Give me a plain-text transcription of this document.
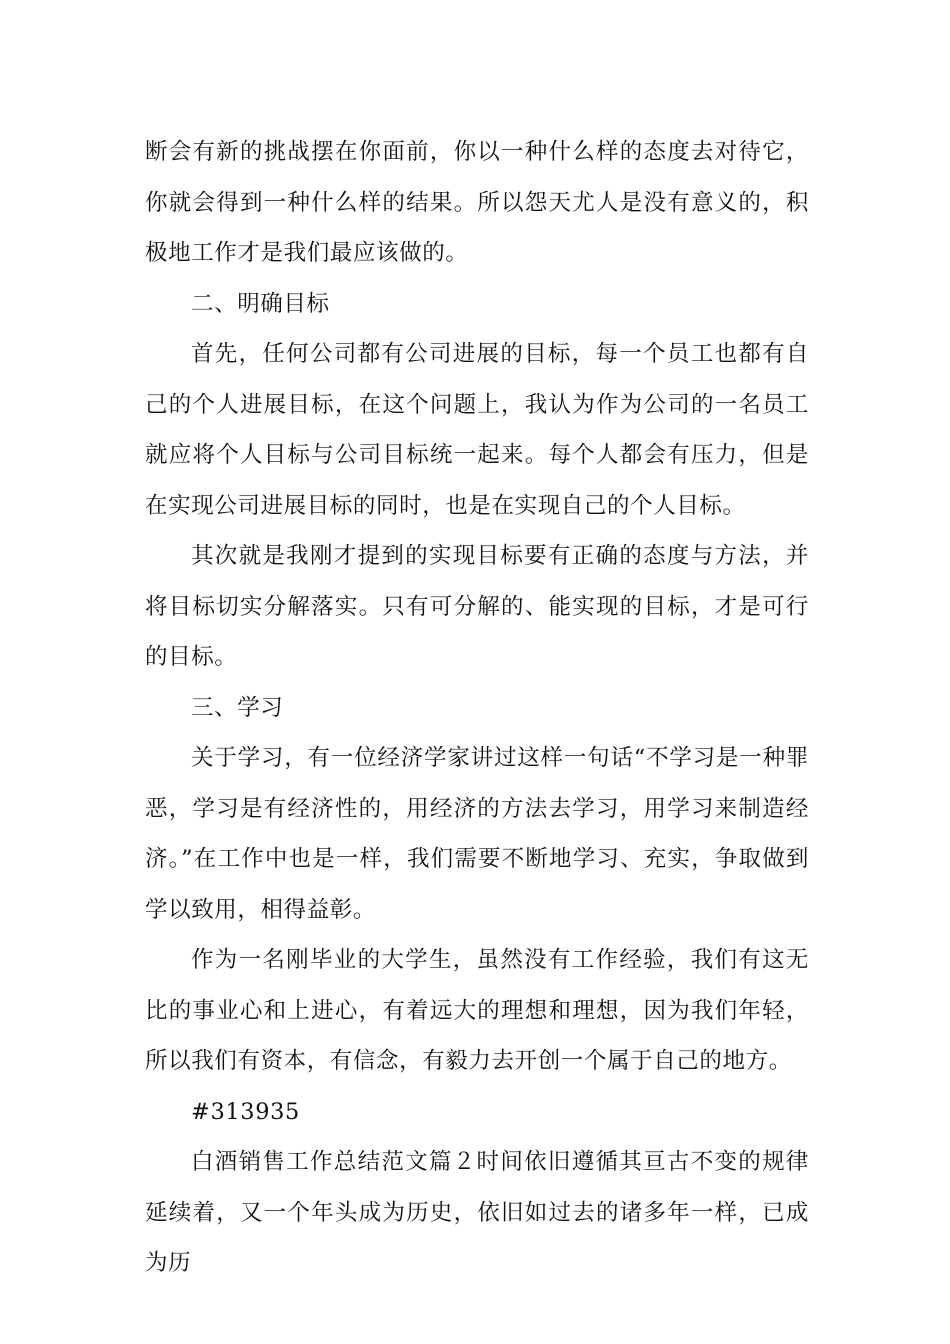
断会有新的挑战摆在你面前，你以一种什么样的态度去对待它，你就会得到一种什么样的结果。所以怨天尤人是没有意义的，积极地工作才是我们最应该做的。

二、明确目标

首先，任何公司都有公司进展的目标，每一个员工也都有自己的个人进展目标，在这个问题上，我认为作为公司的一名员工就应将个人目标与公司目标统一起来。每个人都会有压力，但是在实现公司进展目标的同时，也是在实现自己的个人目标。

其次就是我刚才提到的实现目标要有正确的态度与方法，并将目标切实分解落实。只有可分解的、能实现的目标，才是可行的目标。

三、学习

关于学习，有一位经济学家讲过这样一句话“不学习是一种罪恶，学习是有经济性的，用经济的方法去学习，用学习来制造经济。”在工作中也是一样，我们需要不断地学习、充实，争取做到学以致用，相得益彰。

作为一名刚毕业的大学生，虽然没有工作经验，我们有这无比的事业心和上进心，有着远大的理想和理想，因为我们年轻，所以我们有资本，有信念，有毅力去开创一个属于自己的地方。

#313935

白酒销售工作总结范文篇２时间依旧遵循其亘古不变的规律延续着，又一个年头成为历史，依旧如过去的诸多年一样，已成为历
